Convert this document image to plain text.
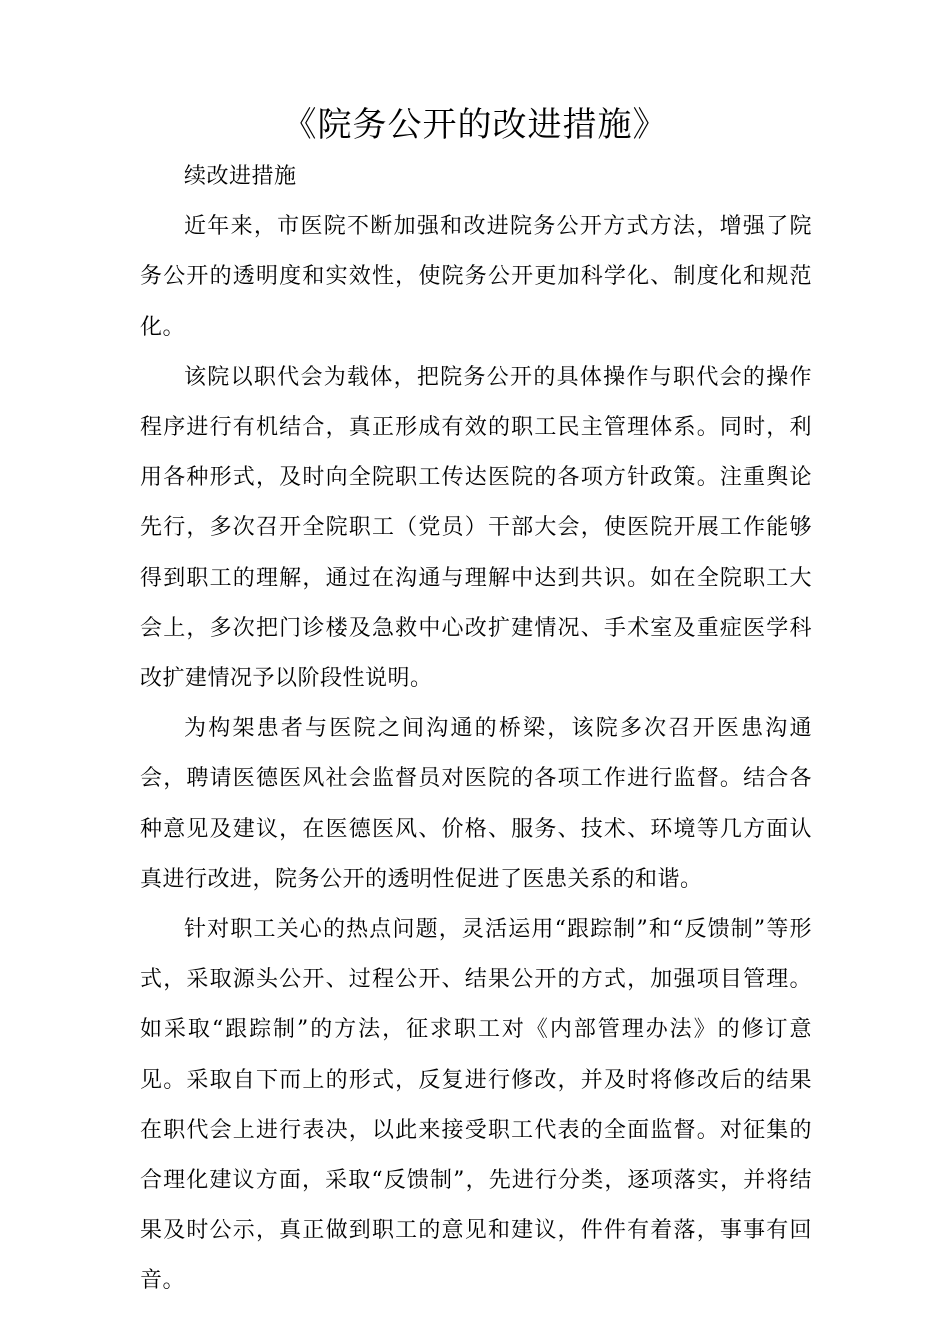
《院务公开的改进措施》

续改进措施

近年来，市医院不断加强和改进院务公开方式方法，增强了院务公开的透明度和实效性，使院务公开更加科学化、制度化和规范化。

该院以职代会为载体，把院务公开的具体操作与职代会的操作程序进行有机结合，真正形成有效的职工民主管理体系。同时，利用各种形式，及时向全院职工传达医院的各项方针政策。注重舆论先行，多次召开全院职工（党员）干部大会，使医院开展工作能够得到职工的理解，通过在沟通与理解中达到共识。如在全院职工大会上，多次把门诊楼及急救中心改扩建情况、手术室及重症医学科改扩建情况予以阶段性说明。

为构架患者与医院之间沟通的桥梁，该院多次召开医患沟通会，聘请医德医风社会监督员对医院的各项工作进行监督。结合各种意见及建议，在医德医风、价格、服务、技术、环境等几方面认真进行改进，院务公开的透明性促进了医患关系的和谐。

针对职工关心的热点问题，灵活运用“跟踪制”和“反馈制”等形式，采取源头公开、过程公开、结果公开的方式，加强项目管理。如采取“跟踪制”的方法，征求职工对《内部管理办法》的修订意见。采取自下而上的形式，反复进行修改，并及时将修改后的结果在职代会上进行表决，以此来接受职工代表的全面监督。对征集的合理化建议方面，采取“反馈制”，先进行分类，逐项落实，并将结果及时公示，真正做到职工的意见和建议，件件有着落，事事有回音。
